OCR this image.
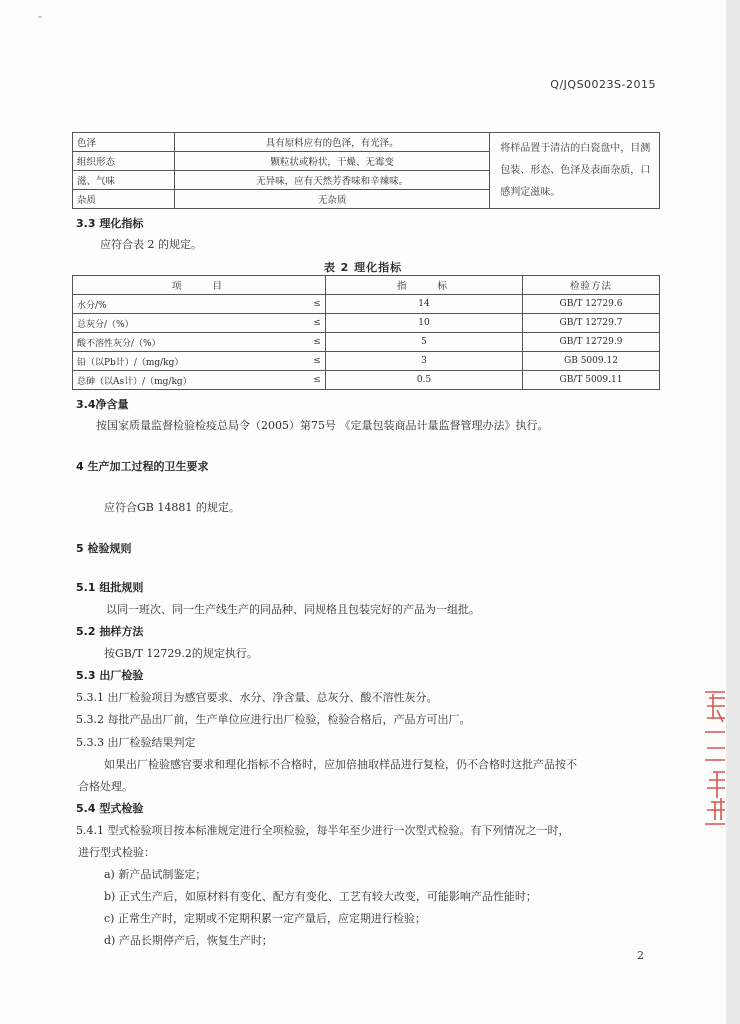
Q/JQS0023S-2015
色泽	具有原料应有的色泽，有光泽。	将样品置于清洁的白瓷盘中，目测包装、形态、色泽及表面杂质，口感判定滋味。
组织形态	颗粒状或粉状，干燥、无霉变	
滋、气味	无异味，应有天然芳香味和辛辣味。	
杂质	无杂质	
3.3 理化指标
应符合表 2 的规定。
表 2 理化指标
项　　目		指　　标	检验方法
水分/%	≤	14	GB/T 12729.6
总灰分/（%）	≤	10	GB/T 12729.7
酸不溶性灰分/（%）	≤	5	GB/T 12729.9
铅（以Pb计）/（mg/kg）	≤	3	GB 5009.12
总砷（以As计）/（mg/kg）	≤	0.5	GB/T 5009.11
3.4净含量
按国家质量监督检验检疫总局令（2005）第75号 《定量包装商品计量监督管理办法》执行。
4 生产加工过程的卫生要求
应符合GB 14881 的规定。
5 检验规则
5.1 组批规则
以同一班次、同一生产线生产的同品种、同规格且包装完好的产品为一组批。
5.2 抽样方法
按GB/T 12729.2的规定执行。
5.3 出厂检验
5.3.1 出厂检验项目为感官要求、水分、净含量、总灰分、酸不溶性灰分。
5.3.2 每批产品出厂前，生产单位应进行出厂检验，检验合格后，产品方可出厂。
5.3.3 出厂检验结果判定
如果出厂检验感官要求和理化指标不合格时，应加倍抽取样品进行复检，仍不合格时这批产品按不
合格处理。
5.4 型式检验
5.4.1 型式检验项目按本标准规定进行全项检验，每半年至少进行一次型式检验。有下列情况之一时，
进行型式检验：
a) 新产品试制鉴定；
b) 正式生产后，如原材料有变化、配方有变化、工艺有较大改变，可能影响产品性能时；
c) 正常生产时，定期或不定期积累一定产量后，应定期进行检验；
d) 产品长期停产后，恢复生产时；
2
